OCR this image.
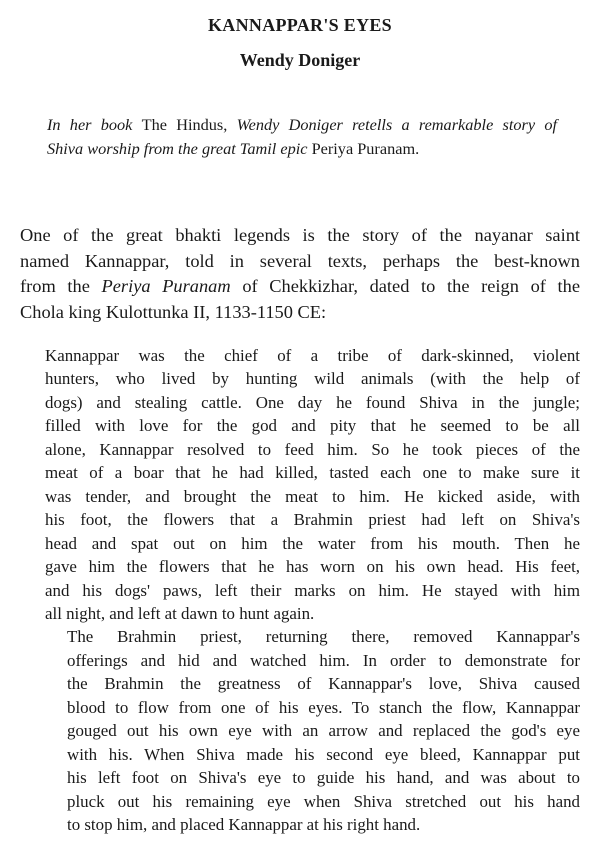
KANNAPPAR'S EYES
Wendy Doniger

In her book The Hindus, Wendy Doniger retells a remarkable story of
Shiva worship from the great Tamil epic Periya Puranam.

One of the great bhakti legends is the story of the nayanar saint
named Kannappar, told in several texts, perhaps the best-known
from the Periya Puranam of Chekkizhar, dated to the reign of the
Chola king Kulottunka II, 1133-1150 CE:

Kannappar was the chief of a tribe of dark-skinned, violent
hunters, who lived by hunting wild animals (with the help of
dogs) and stealing cattle. One day he found Shiva in the jungle;
filled with love for the god and pity that he seemed to be all
alone, Kannappar resolved to feed him. So he took pieces of the
meat of a boar that he had killed, tasted each one to make sure it
was tender, and brought the meat to him. He kicked aside, with
his foot, the flowers that a Brahmin priest had left on Shiva's
head and spat out on him the water from his mouth. Then he
gave him the flowers that he has worn on his own head. His feet,
and his dogs' paws, left their marks on him. He stayed with him
all night, and left at dawn to hunt again.

The Brahmin priest, returning there, removed Kannappar's
offerings and hid and watched him. In order to demonstrate for
the Brahmin the greatness of Kannappar's love, Shiva caused
blood to flow from one of his eyes. To stanch the flow, Kannappar
gouged out his own eye with an arrow and replaced the god's eye
with his. When Shiva made his second eye bleed, Kannappar put
his left foot on Shiva's eye to guide his hand, and was about to
pluck out his remaining eye when Shiva stretched out his hand
to stop him, and placed Kannappar at his right hand.
